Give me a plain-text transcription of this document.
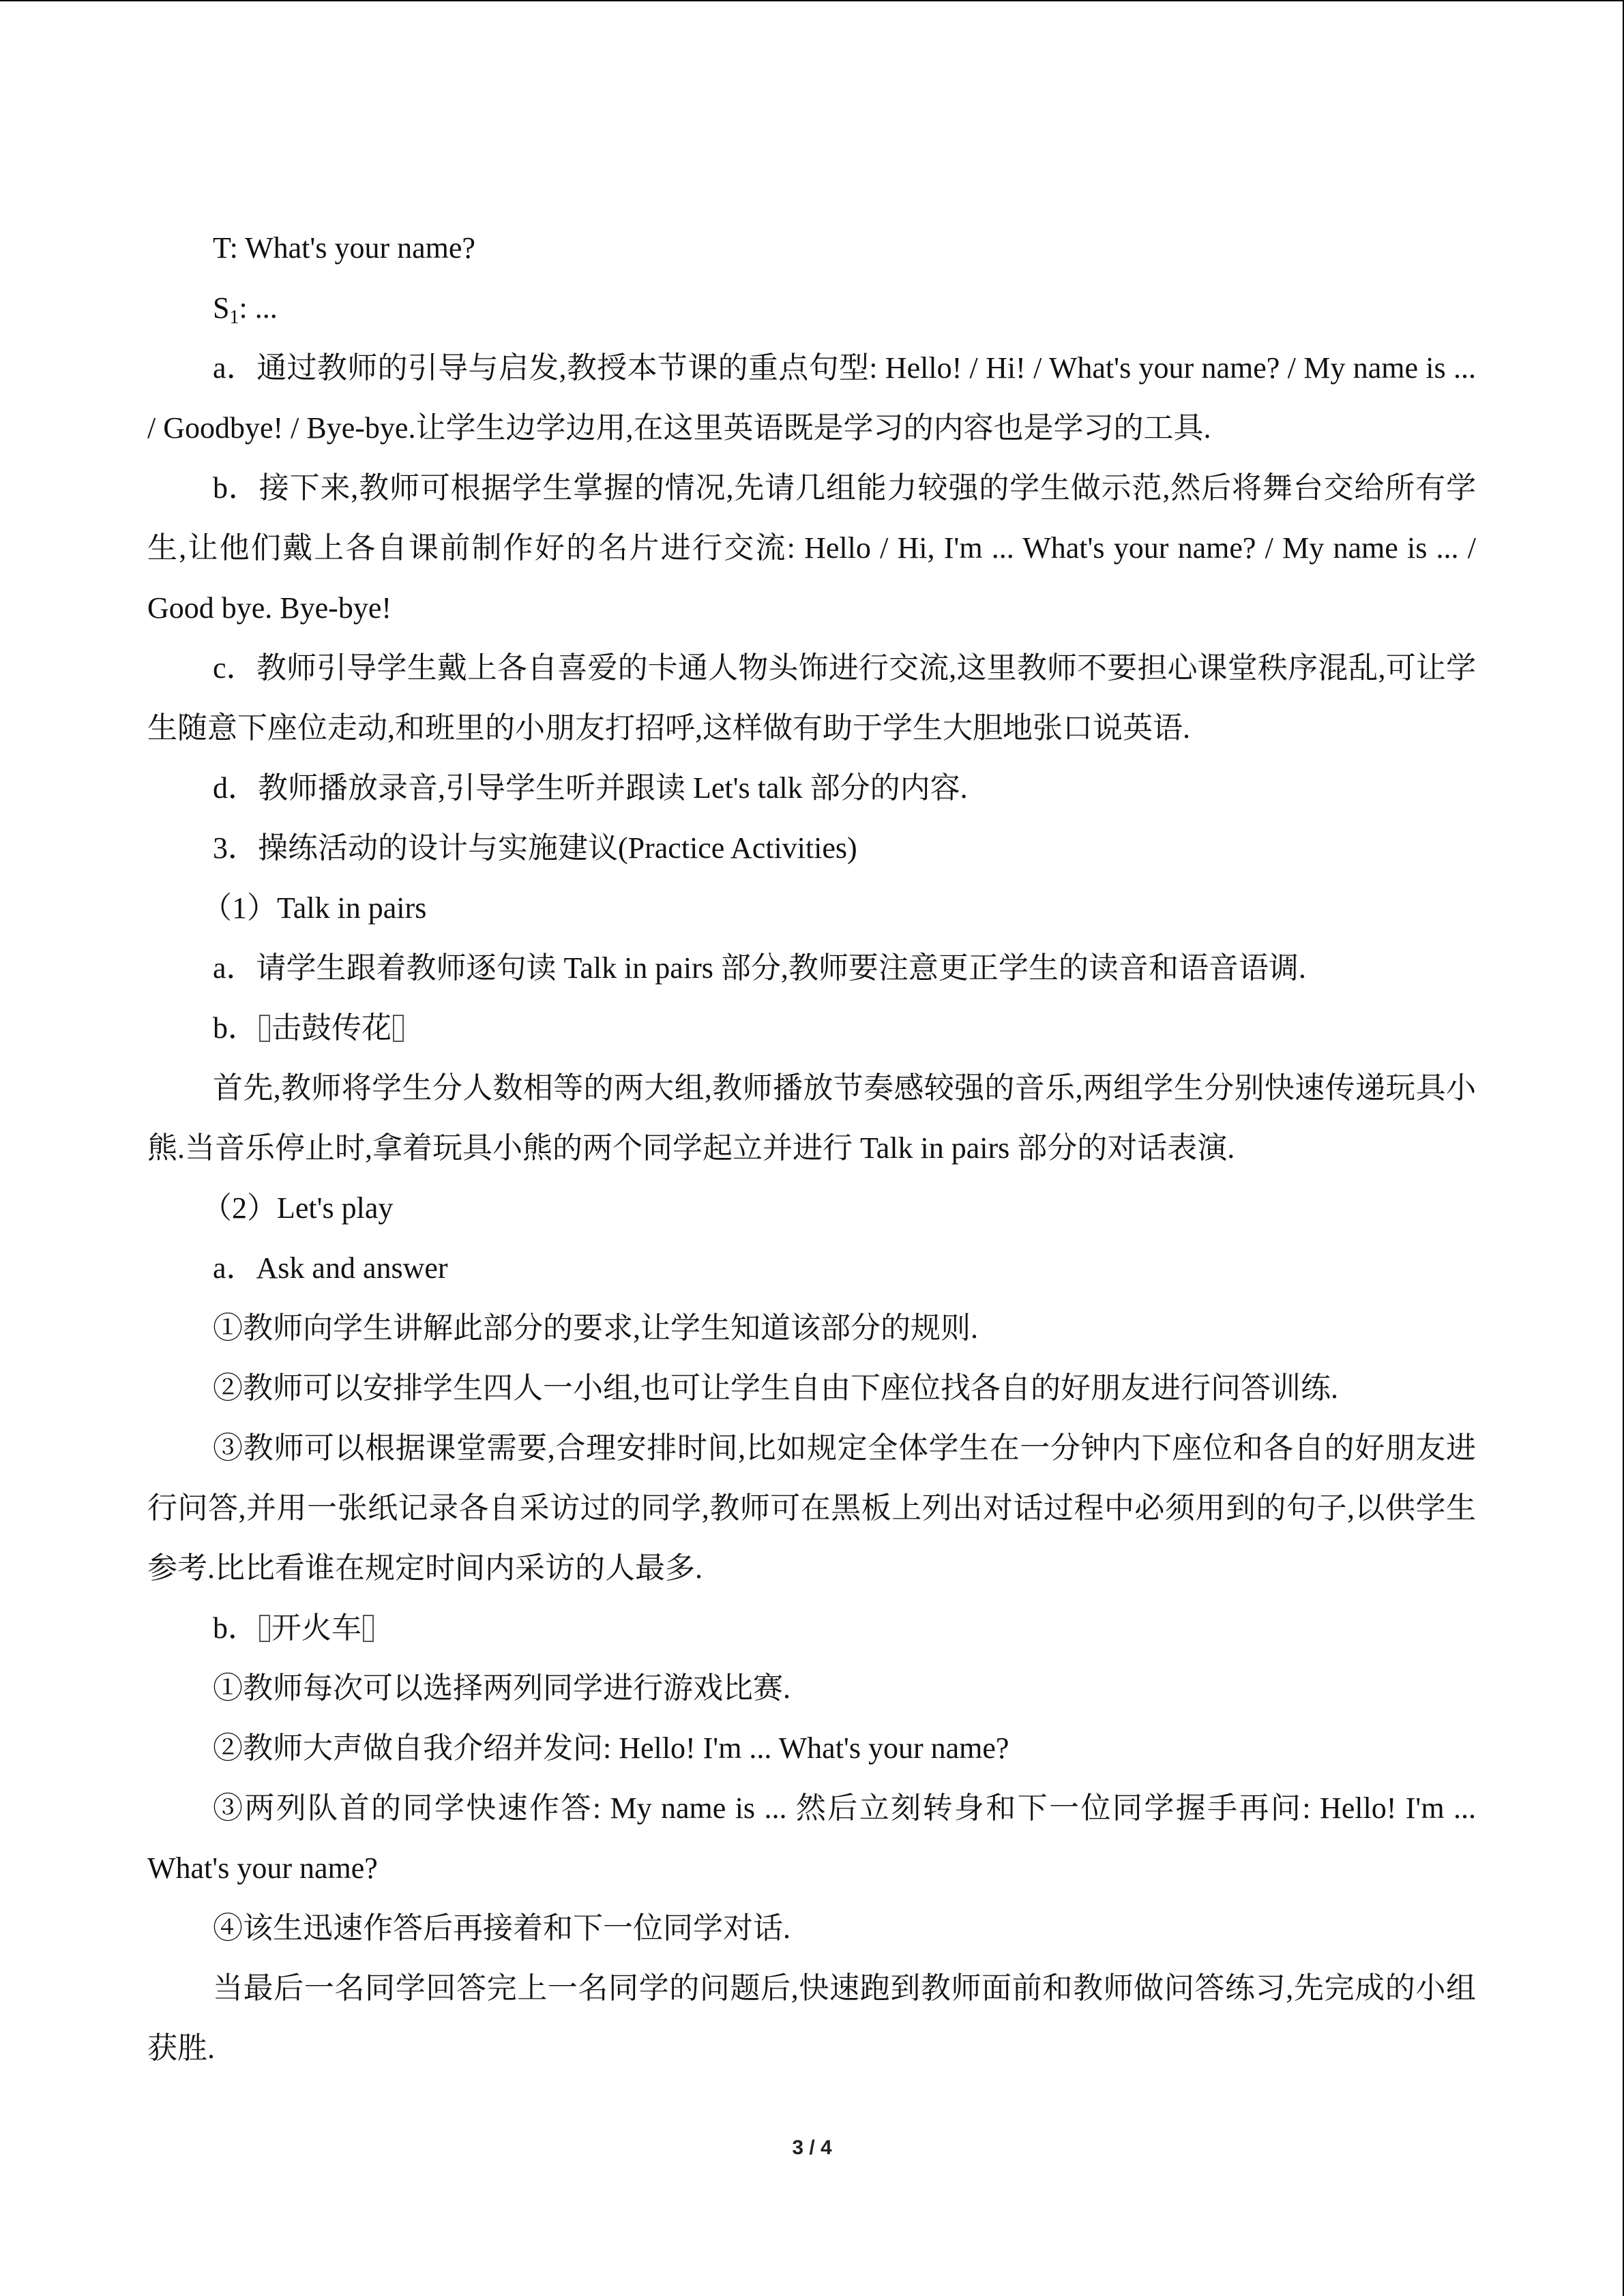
T: What's your name?

$S_1$: ...

a．通过教师的引导与启发,教授本节课的重点句型: Hello! / Hi! / What's your name? / My name is ... / Goodbye! / Bye-bye.让学生边学边用,在这里英语既是学习的内容也是学习的工具.

b．接下来,教师可根据学生掌握的情况,先请几组能力较强的学生做示范,然后将舞台交给所有学生,让他们戴上各自课前制作好的名片进行交流: Hello / Hi, I'm ... What's your name? / My name is ... / Good bye. Bye-bye!

c．教师引导学生戴上各自喜爱的卡通人物头饰进行交流,这里教师不要担心课堂秩序混乱,可让学生随意下座位走动,和班里的小朋友打招呼,这样做有助于学生大胆地张口说英语.

d．教师播放录音,引导学生听并跟读 Let's talk 部分的内容.

3．操练活动的设计与实施建议(Practice Activities)

（1）Talk in pairs

a．请学生跟着教师逐句读 Talk in pairs 部分,教师要注意更正学生的读音和语音语调.

b． 击鼓传花

首先,教师将学生分人数相等的两大组,教师播放节奏感较强的音乐,两组学生分别快速传递玩具小熊.当音乐停止时,拿着玩具小熊的两个同学起立并进行 Talk in pairs 部分的对话表演.

（2）Let's play

a．Ask and answer

①教师向学生讲解此部分的要求,让学生知道该部分的规则.

②教师可以安排学生四人一小组,也可让学生自由下座位找各自的好朋友进行问答训练.

③教师可以根据课堂需要,合理安排时间,比如规定全体学生在一分钟内下座位和各自的好朋友进行问答,并用一张纸记录各自采访过的同学,教师可在黑板上列出对话过程中必须用到的句子,以供学生参考.比比看谁在规定时间内采访的人最多.

b． 开火车

①教师每次可以选择两列同学进行游戏比赛.

②教师大声做自我介绍并发问: Hello! I'm ... What's your name?

③两列队首的同学快速作答: My name is ... 然后立刻转身和下一位同学握手再问: Hello! I'm ... What's your name?

④该生迅速作答后再接着和下一位同学对话.

当最后一名同学回答完上一名同学的问题后,快速跑到教师面前和教师做问答练习,先完成的小组获胜.

3 / 4
